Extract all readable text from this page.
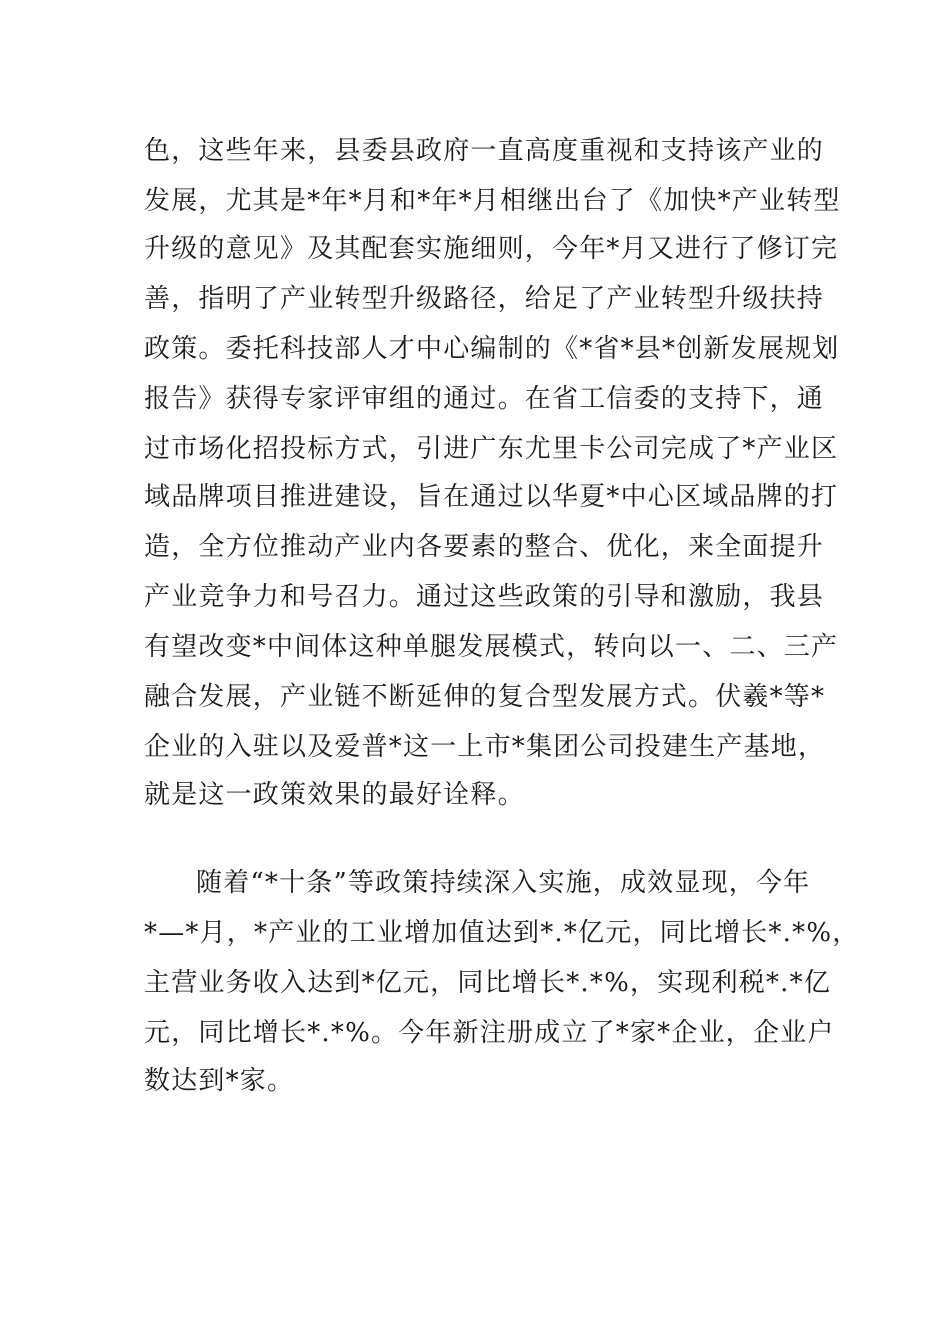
色，这些年来，县委县政府一直高度重视和支持该产业的
发展，尤其是*年*月和*年*月相继出台了《加快*产业转型
升级的意见》及其配套实施细则，今年*月又进行了修订完
善，指明了产业转型升级路径，给足了产业转型升级扶持
政策。委托科技部人才中心编制的《*省*县*创新发展规划
报告》获得专家评审组的通过。在省工信委的支持下，通
过市场化招投标方式，引进广东尤里卡公司完成了*产业区
域品牌项目推进建设，旨在通过以华夏*中心区域品牌的打
造，全方位推动产业内各要素的整合、优化，来全面提升
产业竞争力和号召力。通过这些政策的引导和激励，我县
有望改变*中间体这种单腿发展模式，转向以一、二、三产
融合发展，产业链不断延伸的复合型发展方式。伏羲*等*
企业的入驻以及爱普*这一上市*集团公司投建生产基地，
就是这一政策效果的最好诠释。
随着“*十条”等政策持续深入实施，成效显现，今年
*—*月，*产业的工业增加值达到*.*亿元，同比增长*.*%，
主营业务收入达到*亿元，同比增长*.*%，实现利税*.*亿
元，同比增长*.*%。今年新注册成立了*家*企业，企业户
数达到*家。
